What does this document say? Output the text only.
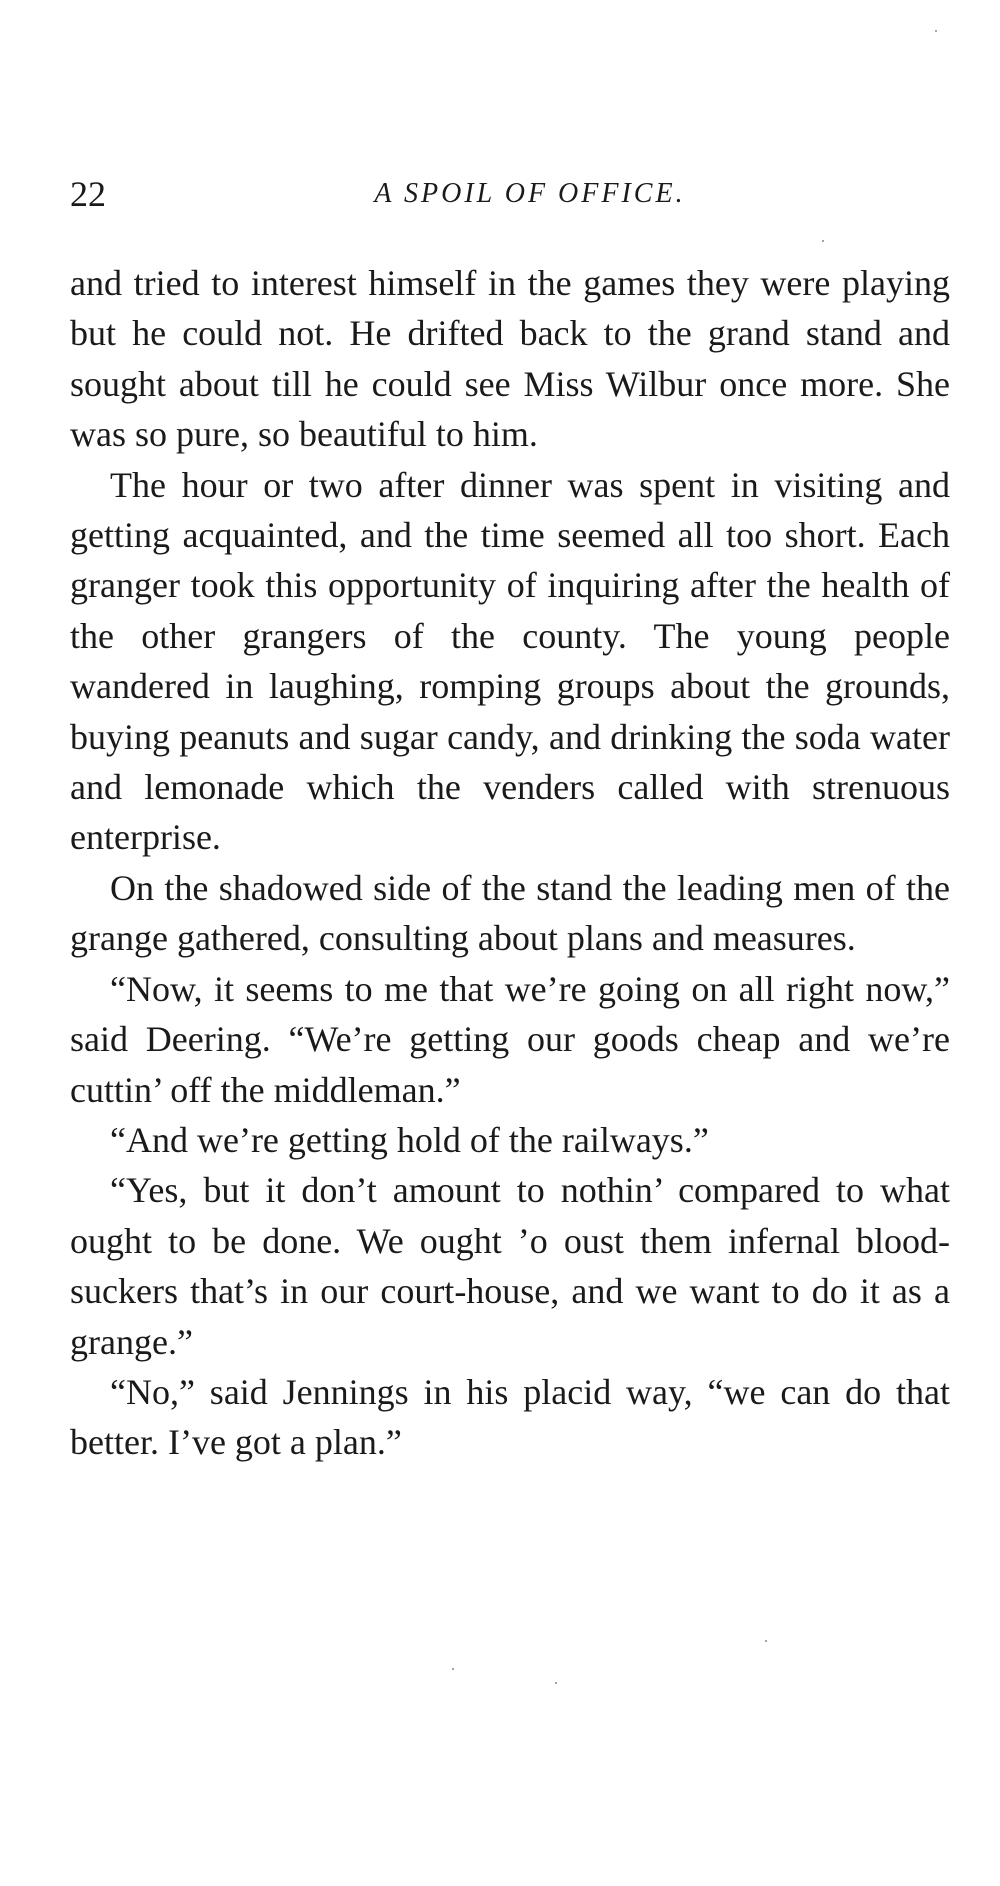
22	A SPOIL OF OFFICE.

and tried to interest himself in the games they were playing but he could not. He drifted back to the grand stand and sought about till he could see Miss Wilbur once more. She was so pure, so beautiful to him.

The hour or two after dinner was spent in visiting and getting acquainted, and the time seemed all too short. Each granger took this opportunity of inquiring after the health of the other grangers of the county. The young people wandered in laughing, romping groups about the grounds, buying peanuts and sugar candy, and drinking the soda water and lemonade which the venders called with strenuous enterprise.

On the shadowed side of the stand the leading men of the grange gathered, consulting about plans and measures.

“Now, it seems to me that we’re going on all right now,” said Deering. “We’re getting our goods cheap and we’re cuttin’ off the middleman.”

“And we’re getting hold of the railways.”

“Yes, but it don’t amount to nothin’ compared to what ought to be done. We ought ’o oust them infernal blood-suckers that’s in our court-house, and we want to do it as a grange.”

“No,” said Jennings in his placid way, “we can do that better. I’ve got a plan.”
